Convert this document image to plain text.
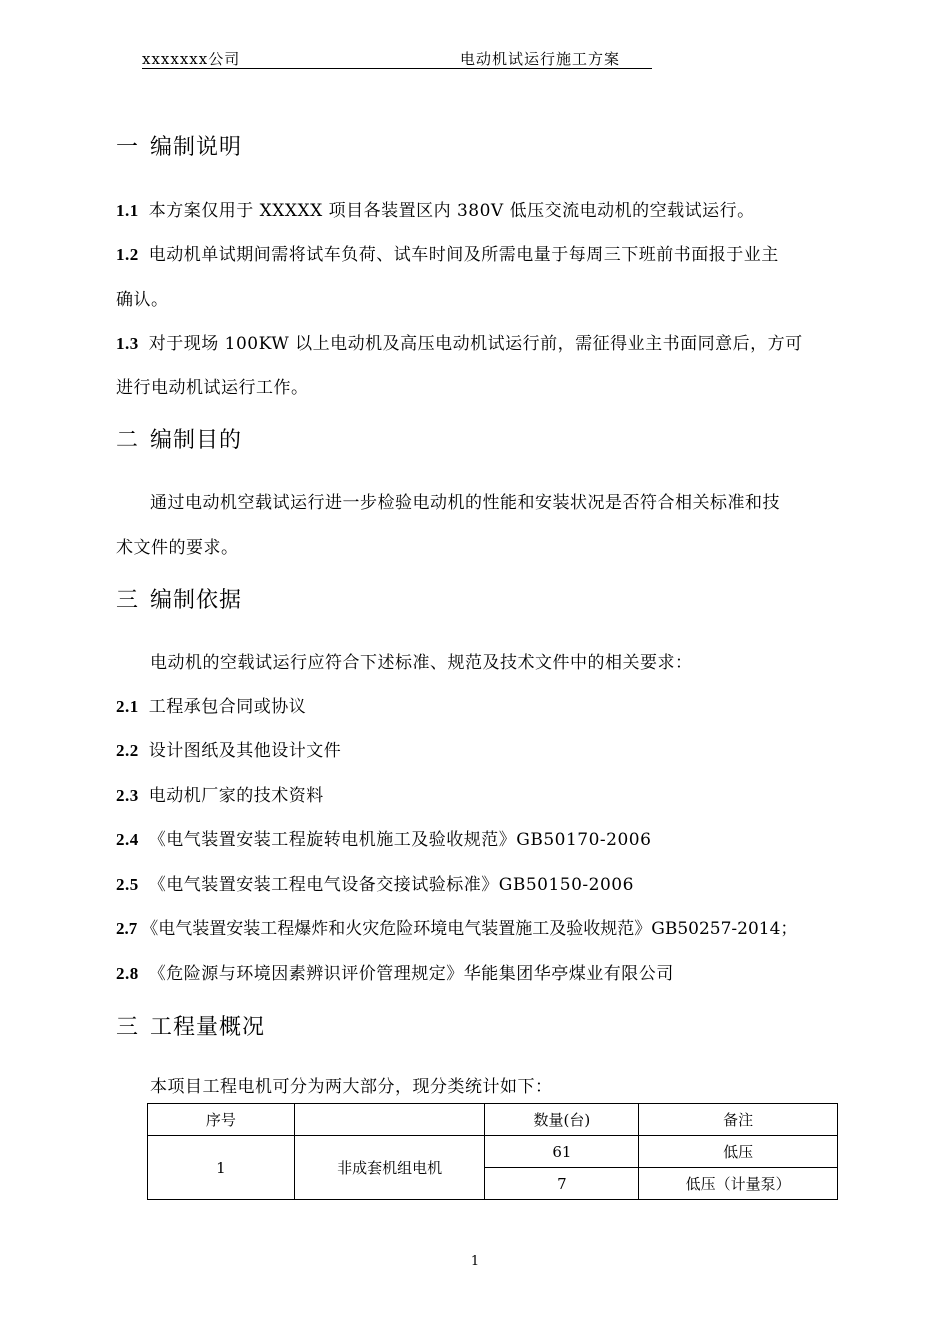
xxxxxxx公司	电动机试运行施工方案
一 编制说明
1.1 本方案仅用于 XXXXX 项目各装置区内 380V 低压交流电动机的空载试运行。
1.2 电动机单试期间需将试车负荷、试车时间及所需电量于每周三下班前书面报于业主
确认。
1.3 对于现场 100KW 以上电动机及高压电动机试运行前，需征得业主书面同意后，方可
进行电动机试运行工作。
二 编制目的
通过电动机空载试运行进一步检验电动机的性能和安装状况是否符合相关标准和技
术文件的要求。
三 编制依据
电动机的空载试运行应符合下述标准、规范及技术文件中的相关要求：
2.1 工程承包合同或协议
2.2 设计图纸及其他设计文件
2.3 电动机厂家的技术资料
2.4 《电气装置安装工程旋转电机施工及验收规范》GB50170-2006
2.5 《电气装置安装工程电气设备交接试验标准》GB50150-2006
2.7 《电气装置安装工程爆炸和火灾危险环境电气装置施工及验收规范》GB50257-2014；
2.8 《危险源与环境因素辨识评价管理规定》华能集团华亭煤业有限公司
三 工程量概况
本项目工程电机可分为两大部分，现分类统计如下：
序号		数量(台)	备注
1	非成套机组电机	61	低压
		7	低压（计量泵）
1
